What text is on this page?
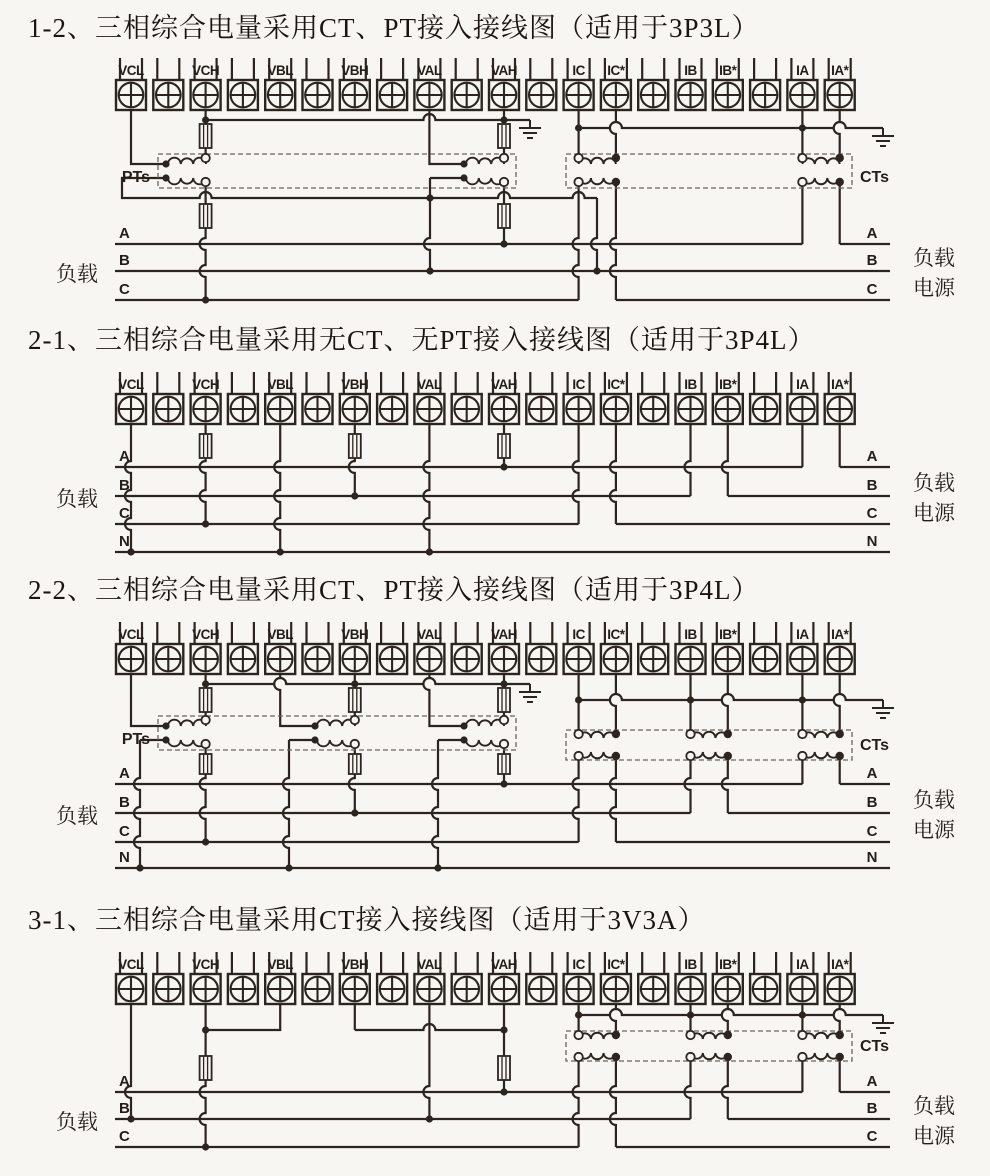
1-2、三相综合电量采用CT、PT接入接线图（适用于3P3L）
VCL	VCH	VBL	VBH	VAL	VAH	IC IC*	IB IB*	IA IA*
A	A
B	B
C	C
负载
负载
电源
PTs	CTs
2-1、三相综合电量采用无CT、无PT接入接线图（适用于3P4L）
VCL	VCH	VBL	VBH	VAL	VAH	IC IC*	IB IB*	IA IA*
A	A
B	B
C	C
N	N
负载
负载
电源
2-2、三相综合电量采用CT、PT接入接线图（适用于3P4L）
VCL	VCH	VBL	VBH	VAL	VAH	IC IC*	IB IB*	IA IA*
A	A
B	B
C	C
N	N
负载
负载
电源
PTs	CTs
3-1、三相综合电量采用CT接入接线图（适用于3V3A）
VCL	VCH	VBL	VBH	VAL	VAH	IC IC*	IB IB*	IA IA*
A	A
B	B
C	C
负载
负载
电源
CTs
